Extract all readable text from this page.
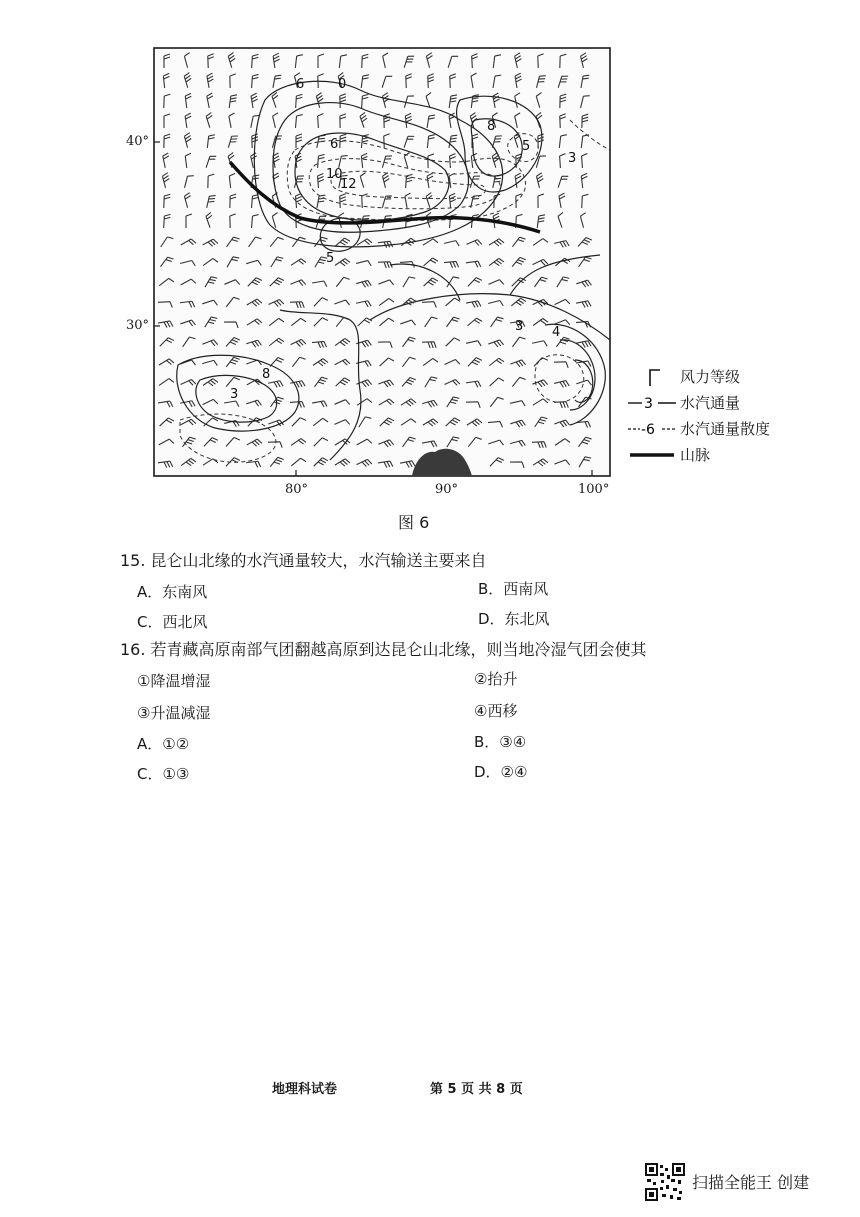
6	0
6
10
12
8
5
5
3
3 4
8
3
40°
30°
80°	90°	100°
风力等级
3 水汽通量
-6 水汽通量散度
山脉
图 6
15. 昆仑山北缘的水汽通量较大，水汽输送主要来自
A．东南风	B．西南风
C．西北风	D．东北风
16. 若青藏高原南部气团翻越高原到达昆仑山北缘，则当地冷湿气团会使其
①降温增湿	②抬升
③升温减湿	④西移
A．①②	B．③④
C．①③	D．②④
地理科试卷	第 5 页 共 8 页
扫描全能王 创建
